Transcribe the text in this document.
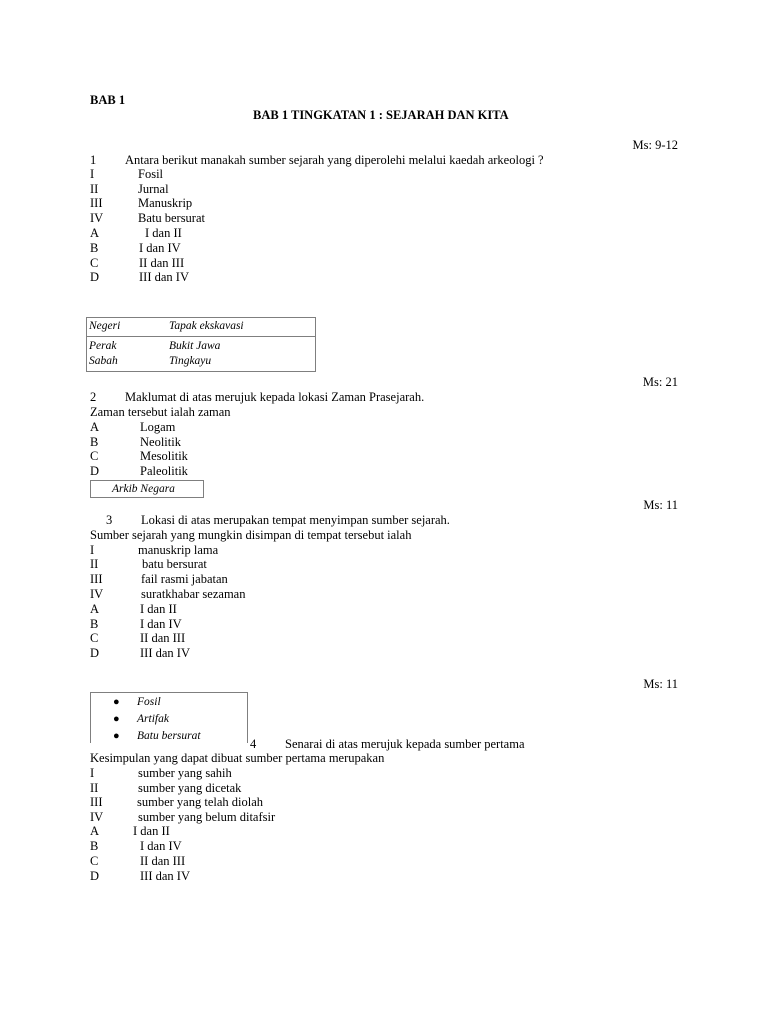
BAB 1
BAB 1 TINGKATAN 1 : SEJARAH DAN KITA
Ms: 9-12
1 Antara berikut manakah sumber sejarah yang diperolehi melalui kaedah arkeologi ?
I	Fosil
II	Jurnal
III	Manuskrip
IV	Batu bersurat
A	I dan II
B	I dan IV
C	II dan III
D	III dan IV
Negeri	Tapak ekskavasi
Perak	Bukit Jawa
Sabah	Tingkayu
Ms: 21
2 Maklumat di atas merujuk kepada lokasi Zaman Prasejarah.
Zaman tersebut ialah zaman
A	Logam
B	Neolitik
C	Mesolitik
D	Paleolitik
Arkib Negara
Ms: 11
3 Lokasi di atas merupakan tempat menyimpan sumber sejarah.
Sumber sejarah yang mungkin disimpan di tempat tersebut ialah
I	manuskrip lama
II	batu bersurat
III	fail rasmi jabatan
IV	suratkhabar sezaman
A	I dan II
B	I dan IV
C	II dan III
D	III dan IV
Ms: 11
● Fosil
● Artifak
● Batu bersurat
4 Senarai di atas merujuk kepada sumber pertama
Kesimpulan yang dapat dibuat sumber pertama merupakan
I	sumber yang sahih
II	sumber yang dicetak
III	sumber yang telah diolah
IV	sumber yang belum ditafsir
A	I dan II
B	I dan IV
C	II dan III
D	III dan IV
